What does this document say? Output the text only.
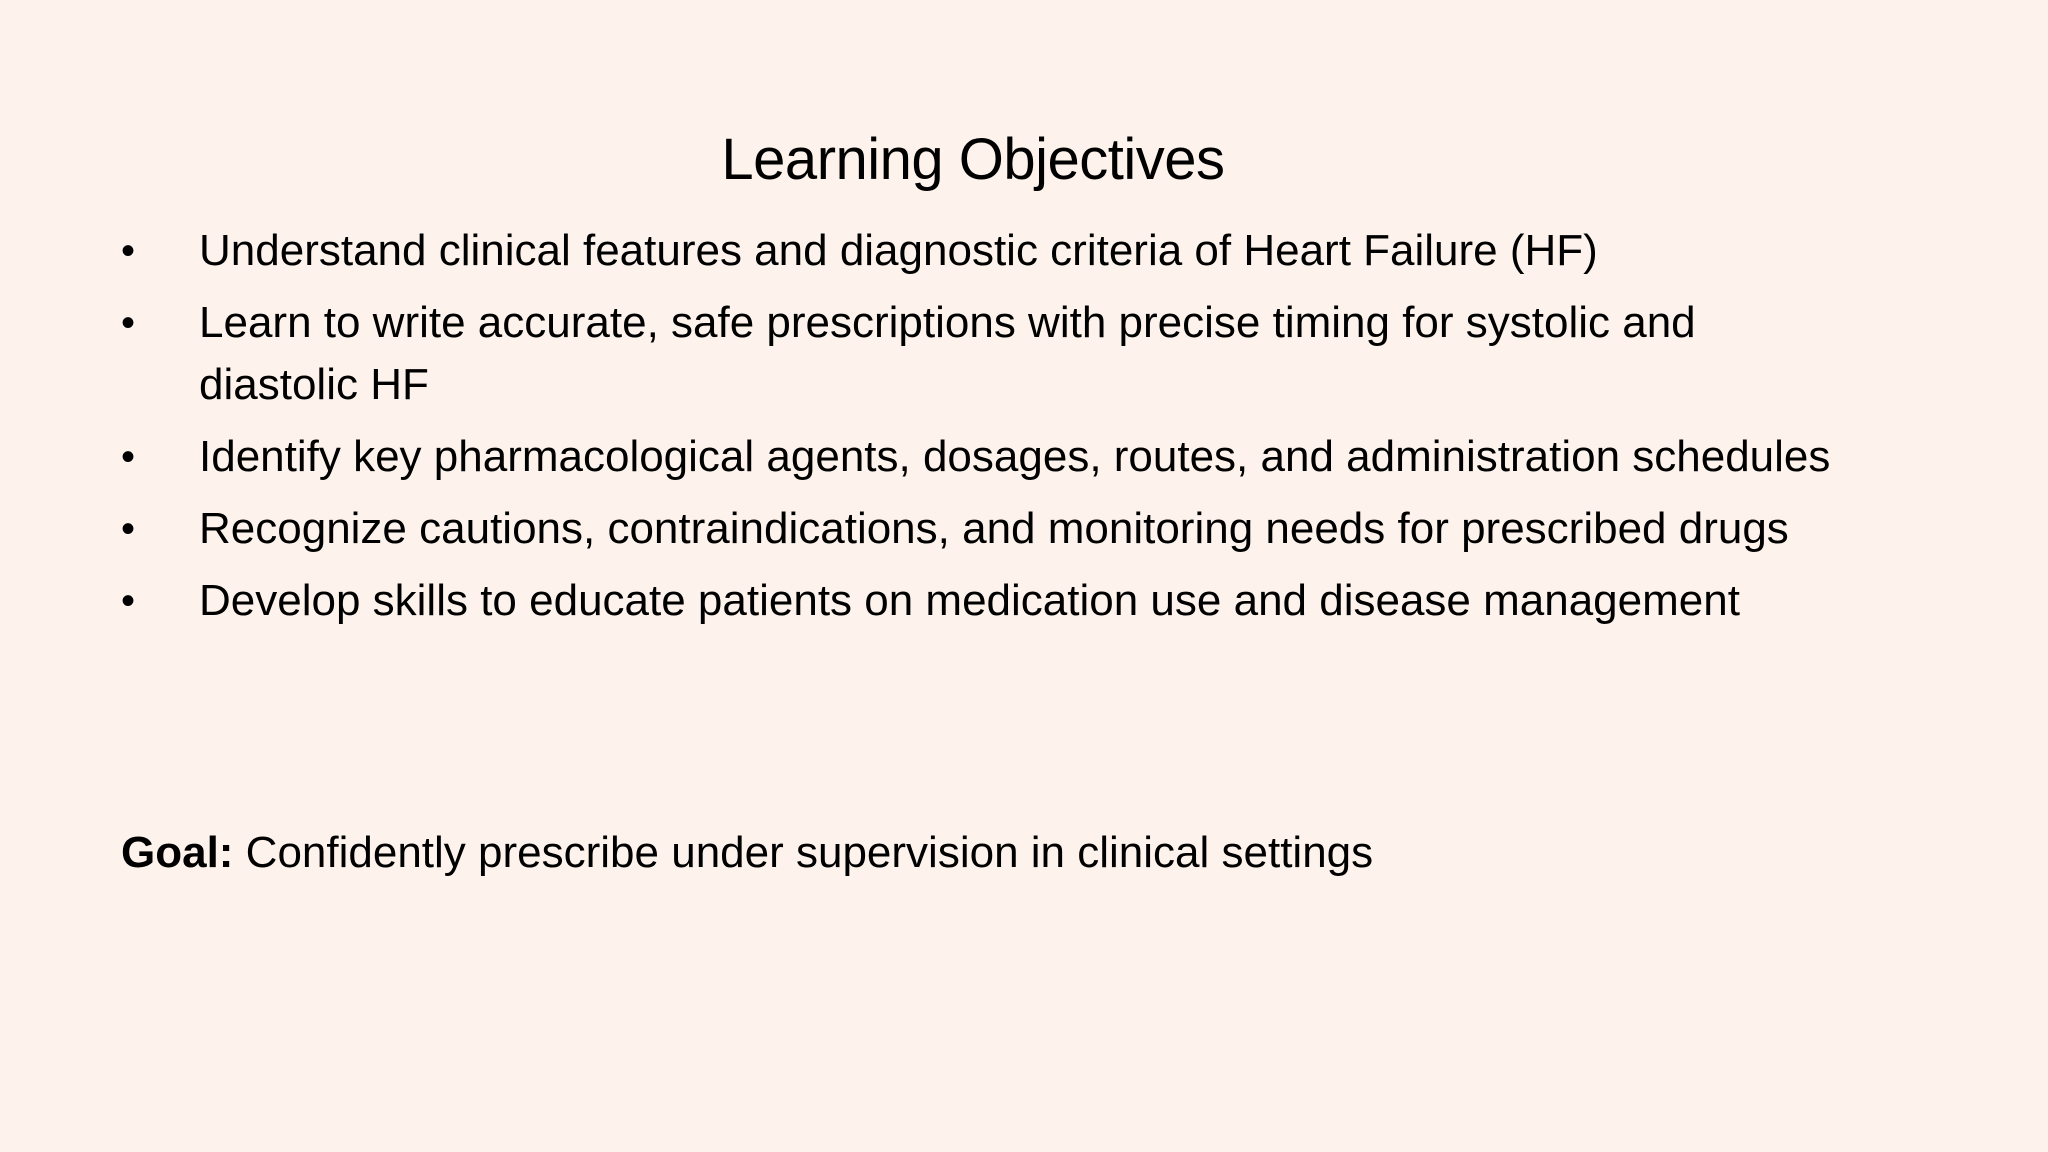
Learning Objectives
•	Understand clinical features and diagnostic criteria of Heart Failure (HF)
•	Learn to write accurate, safe prescriptions with precise timing for systolic and diastolic HF
•	Identify key pharmacological agents, dosages, routes, and administration schedules
•	Recognize cautions, contraindications, and monitoring needs for prescribed drugs
•	Develop skills to educate patients on medication use and disease management

Goal: Confidently prescribe under supervision in clinical settings
